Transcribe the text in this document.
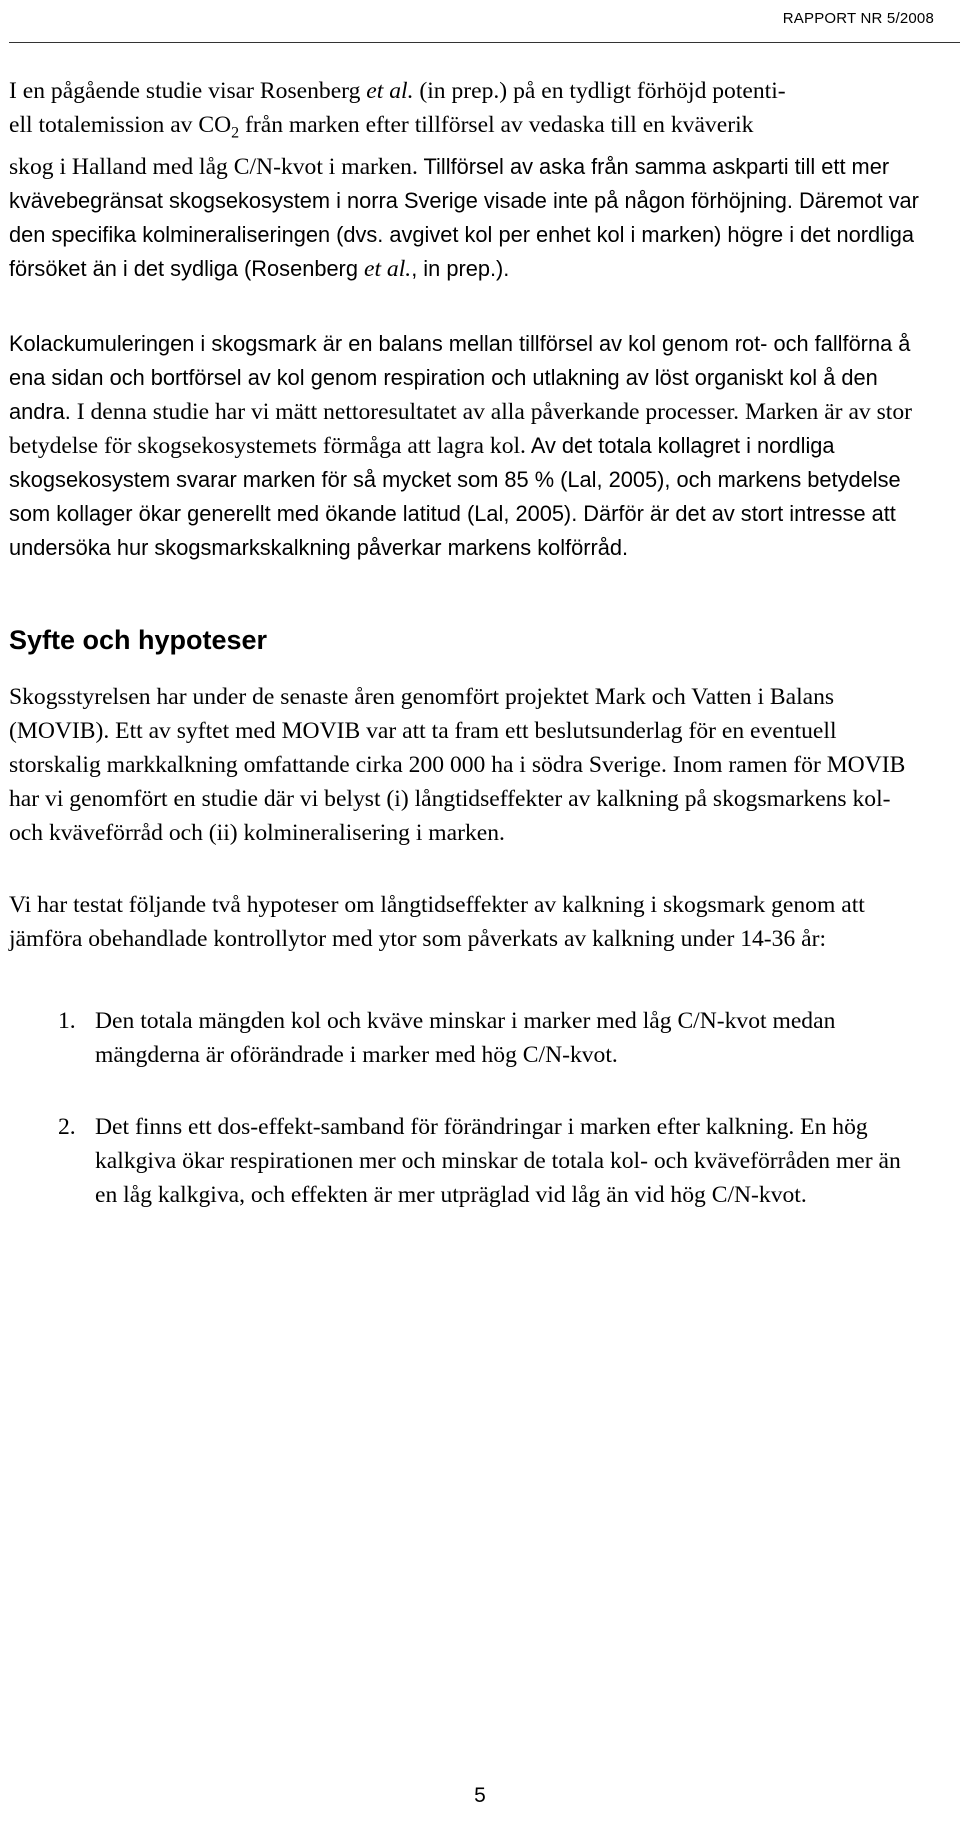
RAPPORT NR 5/2008

I en pågående studie visar Rosenberg et al. (in prep.) på en tydligt förhöjd potenti-
ell totalemission av $CO_2$ från marken efter tillförsel av vedaska till en kväverik
skog i Halland med låg C/N-kvot i marken. Tillförsel av aska från samma askparti till ett mer kvävebegränsat skogsekosystem i norra Sverige visade inte på någon förhöjning. Däremot var den specifika kolmineraliseringen (dvs. avgivet kol per enhet kol i marken) högre i det nordliga försöket än i det sydliga (Rosenberg et al., in prep.).

Kolackumuleringen i skogsmark är en balans mellan tillförsel av kol genom rot- och fallförna å ena sidan och bortförsel av kol genom respiration och utlakning av löst organiskt kol å den andra. I denna studie har vi mätt nettoresultatet av alla påverkande processer. Marken är av stor betydelse för skogsekosystemets förmåga att lagra kol. Av det totala kollagret i nordliga skogsekosystem svarar marken för så mycket som 85 % (Lal, 2005), och markens betydelse som kollager ökar generellt med ökande latitud (Lal, 2005). Därför är det av stort intresse att undersöka hur skogsmarkskalkning påverkar markens kolförråd.

Syfte och hypoteser

Skogsstyrelsen har under de senaste åren genomfört projektet Mark och Vatten i Balans (MOVIB). Ett av syftet med MOVIB var att ta fram ett beslutsunderlag för en eventuell storskalig markkalkning omfattande cirka 200 000 ha i södra Sverige. Inom ramen för MOVIB har vi genomfört en studie där vi belyst (i) långtidseffekter av kalkning på skogsmarkens kol- och kväveförråd och (ii) kolmineralisering i marken.

Vi har testat följande två hypoteser om långtidseffekter av kalkning i skogsmark genom att jämföra obehandlade kontrollytor med ytor som påverkats av kalkning under 14-36 år:

1. Den totala mängden kol och kväve minskar i marker med låg C/N-kvot medan mängderna är oförändrade i marker med hög C/N-kvot.
2. Det finns ett dos-effekt-samband för förändringar i marken efter kalkning. En hög kalkgiva ökar respirationen mer och minskar de totala kol- och kväveförråden mer än en låg kalkgiva, och effekten är mer utpräglad vid låg än vid hög C/N-kvot.
5
